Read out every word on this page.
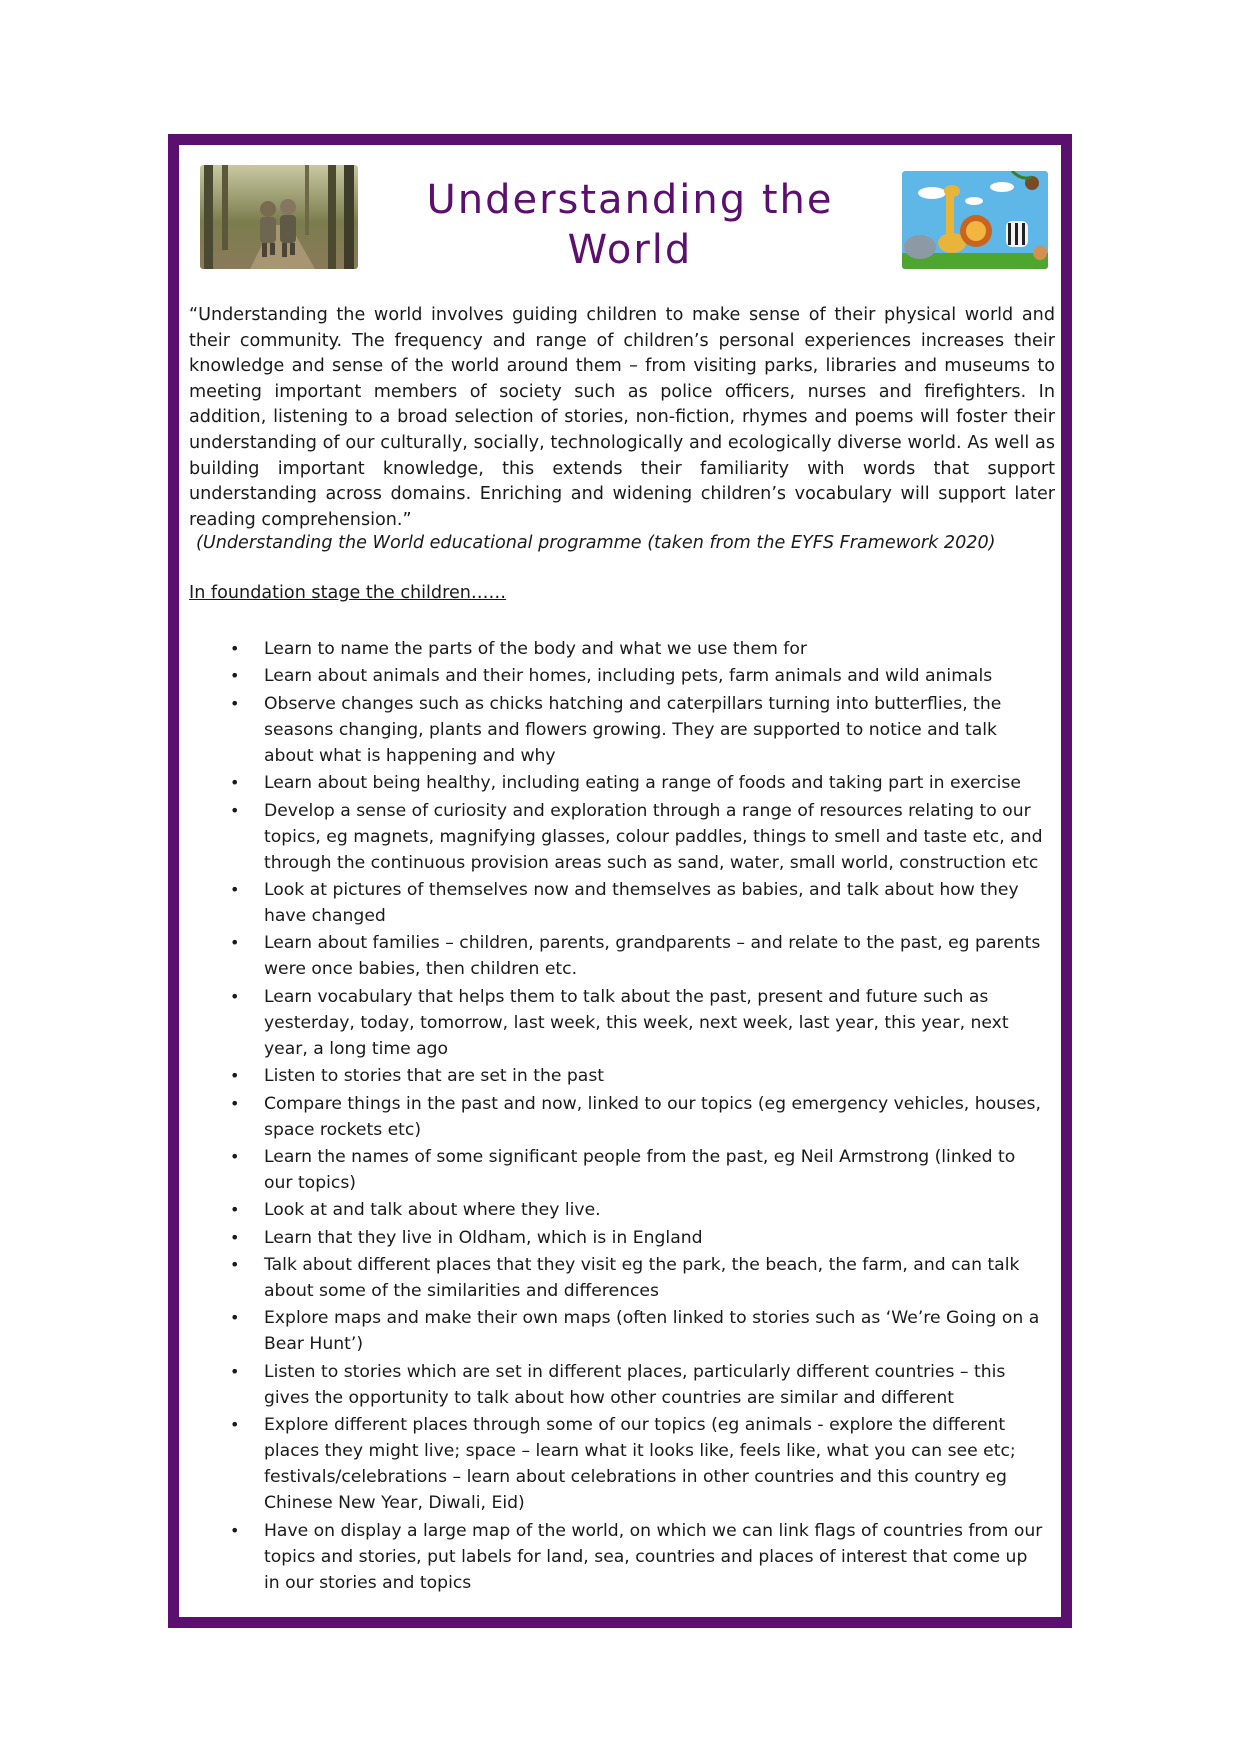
Understanding the
World

“Understanding the world involves guiding children to make sense of their physical world and their community. The frequency and range of children’s personal experiences increases their knowledge and sense of the world around them – from visiting parks, libraries and museums to meeting important members of society such as police officers, nurses and firefighters. In addition, listening to a broad selection of stories, non-fiction, rhymes and poems will foster their understanding of our culturally, socially, technologically and ecologically diverse world. As well as building important knowledge, this extends their familiarity with words that support understanding across domains. Enriching and widening children’s vocabulary will support later reading comprehension.”

(Understanding the World educational programme (taken from the EYFS Framework 2020)

In foundation stage the children……

• Learn to name the parts of the body and what we use them for
• Learn about animals and their homes, including pets, farm animals and wild animals
• Observe changes such as chicks hatching and caterpillars turning into butterflies, the seasons changing, plants and flowers growing. They are supported to notice and talk about what is happening and why
• Learn about being healthy, including eating a range of foods and taking part in exercise
• Develop a sense of curiosity and exploration through a range of resources relating to our topics, eg magnets, magnifying glasses, colour paddles, things to smell and taste etc, and through the continuous provision areas such as sand, water, small world, construction etc
• Look at pictures of themselves now and themselves as babies, and talk about how they have changed
• Learn about families – children, parents, grandparents – and relate to the past, eg parents were once babies, then children etc.
• Learn vocabulary that helps them to talk about the past, present and future such as yesterday, today, tomorrow, last week, this week, next week, last year, this year, next year, a long time ago
• Listen to stories that are set in the past
• Compare things in the past and now, linked to our topics (eg emergency vehicles, houses, space rockets etc)
• Learn the names of some significant people from the past, eg Neil Armstrong (linked to our topics)
• Look at and talk about where they live.
• Learn that they live in Oldham, which is in England
• Talk about different places that they visit eg the park, the beach, the farm, and can talk about some of the similarities and differences
• Explore maps and make their own maps (often linked to stories such as ‘We’re Going on a Bear Hunt’)
• Listen to stories which are set in different places, particularly different countries – this gives the opportunity to talk about how other countries are similar and different
• Explore different places through some of our topics (eg animals - explore the different places they might live; space – learn what it looks like, feels like, what you can see etc; festivals/celebrations – learn about celebrations in other countries and this country eg Chinese New Year, Diwali, Eid)
• Have on display a large map of the world, on which we can link flags of countries from our topics and stories, put labels for land, sea, countries and places of interest that come up in our stories and topics
